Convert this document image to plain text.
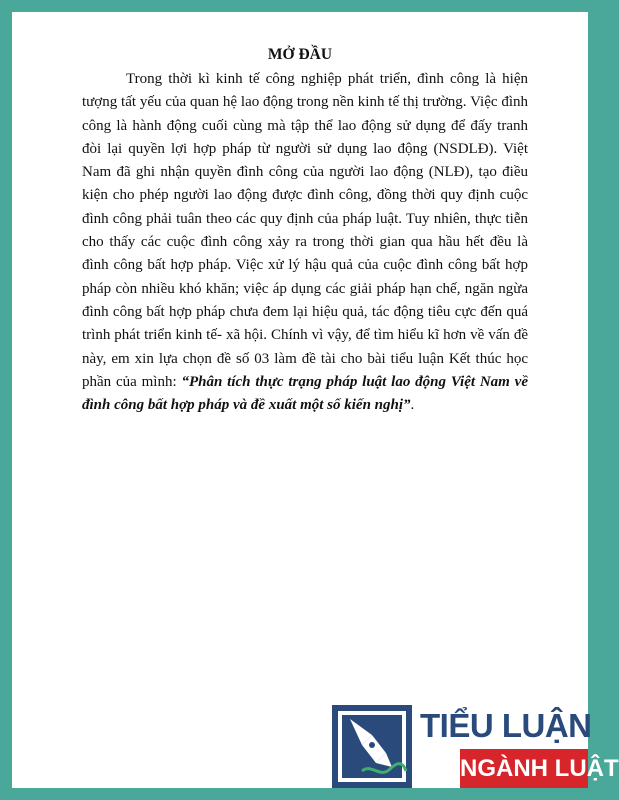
MỞ ĐẦU

Trong thời kì kinh tế công nghiệp phát triển, đình công là hiện tượng tất yếu của quan hệ lao động trong nền kinh tế thị trường. Việc đình công là hành động cuối cùng mà tập thể lao động sử dụng để đấy tranh đòi lại quyền lợi hợp pháp từ người sử dụng lao động (NSDLĐ). Việt Nam đã ghi nhận quyền đình công của người lao động (NLĐ), tạo điều kiện cho phép người lao động được đình công, đồng thời quy định cuộc đình công phải tuân theo các quy định của pháp luật. Tuy nhiên, thực tiễn cho thấy các cuộc đình công xảy ra trong thời gian qua hầu hết đều là đình công bất hợp pháp. Việc xử lý hậu quả của cuộc đình công bất hợp pháp còn nhiều khó khăn; việc áp dụng các giải pháp hạn chế, ngăn ngừa đình công bất hợp pháp chưa đem lại hiệu quả, tác động tiêu cực đến quá trình phát triển kinh tế- xã hội. Chính vì vậy, để tìm hiểu kĩ hơn về vấn đề này, em xin lựa chọn đề số 03 làm đề tài cho bài tiểu luận Kết thúc học phần của mình: “Phân tích thực trạng pháp luật lao động Việt Nam về đình công bất hợp pháp và đề xuất một số kiến nghị”.

TIỂU LUẬN
NGÀNH LUẬT
